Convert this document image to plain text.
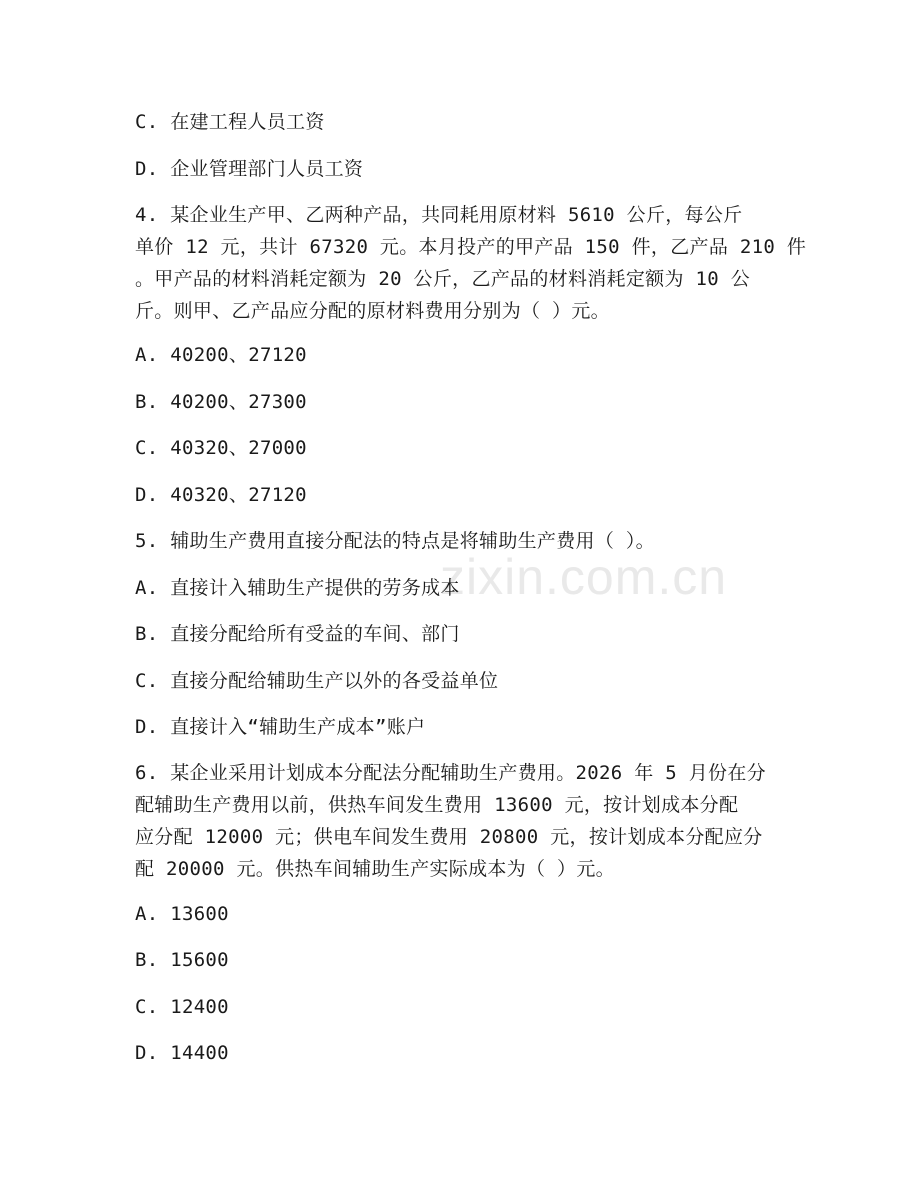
zixin.com.cn
C. 在建工程人员工资
D. 企业管理部门人员工资
4. 某企业生产甲、乙两种产品，共同耗用原材料 5610 公斤，每公斤
单价 12 元，共计 67320 元。本月投产的甲产品 150 件，乙产品 210 件
。甲产品的材料消耗定额为 20 公斤，乙产品的材料消耗定额为 10 公
斤。则甲、乙产品应分配的原材料费用分别为（ ）元。
A. 40200、27120
B. 40200、27300
C. 40320、27000
D. 40320、27120
5. 辅助生产费用直接分配法的特点是将辅助生产费用（ ）。
A. 直接计入辅助生产提供的劳务成本
B. 直接分配给所有受益的车间、部门
C. 直接分配给辅助生产以外的各受益单位
D. 直接计入“辅助生产成本”账户
6. 某企业采用计划成本分配法分配辅助生产费用。2026 年 5 月份在分
配辅助生产费用以前，供热车间发生费用 13600 元，按计划成本分配
应分配 12000 元；供电车间发生费用 20800 元，按计划成本分配应分
配 20000 元。供热车间辅助生产实际成本为（ ）元。
A. 13600
B. 15600
C. 12400
D. 14400
